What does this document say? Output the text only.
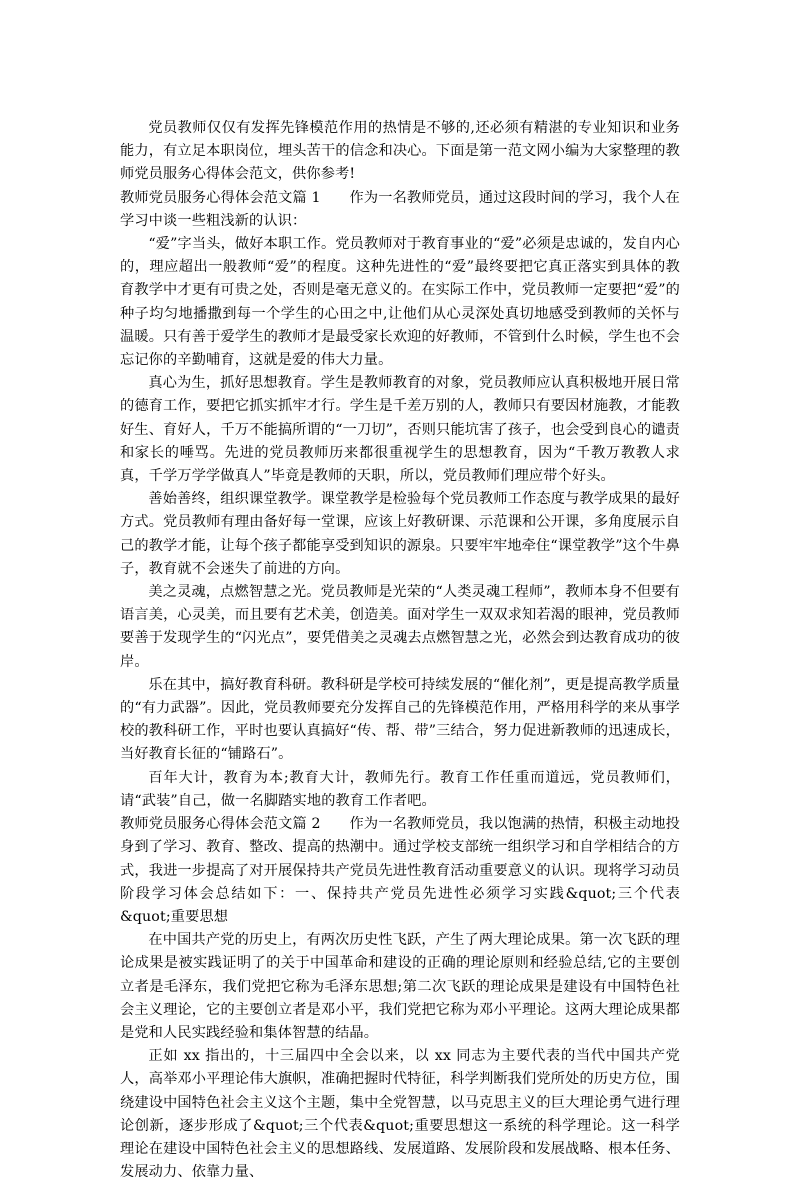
党员教师仅仅有发挥先锋模范作用的热情是不够的,还必须有精湛的专业知识和业务能力，有立足本职岗位，埋头苦干的信念和决心。下面是第一范文网小编为大家整理的教师党员服务心得体会范文，供你参考!

教师党员服务心得体会范文篇 1　　作为一名教师党员，通过这段时间的学习，我个人在学习中谈一些粗浅新的认识：

“爱”字当头，做好本职工作。党员教师对于教育事业的“爱”必须是忠诚的，发自内心的，理应超出一般教师“爱”的程度。这种先进性的“爱”最终要把它真正落实到具体的教育教学中才更有可贵之处，否则是毫无意义的。在实际工作中，党员教师一定要把“爱”的种子均匀地播撒到每一个学生的心田之中,让他们从心灵深处真切地感受到教师的关怀与温暖。只有善于爱学生的教师才是最受家长欢迎的好教师，不管到什么时候，学生也不会忘记你的辛勤哺育，这就是爱的伟大力量。

真心为生，抓好思想教育。学生是教师教育的对象，党员教师应认真积极地开展日常的德育工作，要把它抓实抓牢才行。学生是千差万别的人，教师只有要因材施教，才能教好生、育好人，千万不能搞所谓的“一刀切”，否则只能坑害了孩子，也会受到良心的谴责和家长的唾骂。先进的党员教师历来都很重视学生的思想教育，因为“千教万教教人求真，千学万学学做真人”毕竟是教师的天职，所以，党员教师们理应带个好头。

善始善终，组织课堂教学。课堂教学是检验每个党员教师工作态度与教学成果的最好方式。党员教师有理由备好每一堂课，应该上好教研课、示范课和公开课，多角度展示自己的教学才能，让每个孩子都能享受到知识的源泉。只要牢牢地牵住“课堂教学”这个牛鼻子，教育就不会迷失了前进的方向。

美之灵魂，点燃智慧之光。党员教师是光荣的“人类灵魂工程师”，教师本身不但要有语言美，心灵美，而且要有艺术美，创造美。面对学生一双双求知若渴的眼神，党员教师要善于发现学生的“闪光点”，要凭借美之灵魂去点燃智慧之光，必然会到达教育成功的彼岸。

乐在其中，搞好教育科研。教科研是学校可持续发展的“催化剂”，更是提高教学质量的“有力武器”。因此，党员教师要充分发挥自己的先锋模范作用，严格用科学的来从事学校的教科研工作，平时也要认真搞好“传、帮、带”三结合，努力促进新教师的迅速成长，当好教育长征的“铺路石”。

百年大计，教育为本;教育大计，教师先行。教育工作任重而道远，党员教师们，请“武装”自己，做一名脚踏实地的教育工作者吧。

教师党员服务心得体会范文篇 2　　作为一名教师党员，我以饱满的热情，积极主动地投身到了学习、教育、整改、提高的热潮中。通过学校支部统一组织学习和自学相结合的方式，我进一步提高了对开展保持共产党员先进性教育活动重要意义的认识。现将学习动员阶段学习体会总结如下：一、保持共产党员先进性必须学习实践&quot;三个代表&quot;重要思想

在中国共产党的历史上，有两次历史性飞跃，产生了两大理论成果。第一次飞跃的理论成果是被实践证明了的关于中国革命和建设的正确的理论原则和经验总结,它的主要创立者是毛泽东，我们党把它称为毛泽东思想;第二次飞跃的理论成果是建设有中国特色社会主义理论，它的主要创立者是邓小平，我们党把它称为邓小平理论。这两大理论成果都是党和人民实践经验和集体智慧的结晶。

正如 xx 指出的，十三届四中全会以来，以 xx 同志为主要代表的当代中国共产党人，高举邓小平理论伟大旗帜，准确把握时代特征，科学判断我们党所处的历史方位，围绕建设中国特色社会主义这个主题，集中全党智慧，以马克思主义的巨大理论勇气进行理论创新，逐步形成了&quot;三个代表&quot;重要思想这一系统的科学理论。这一科学理论在建设中国特色社会主义的思想路线、发展道路、发展阶段和发展战略、根本任务、发展动力、依靠力量、
